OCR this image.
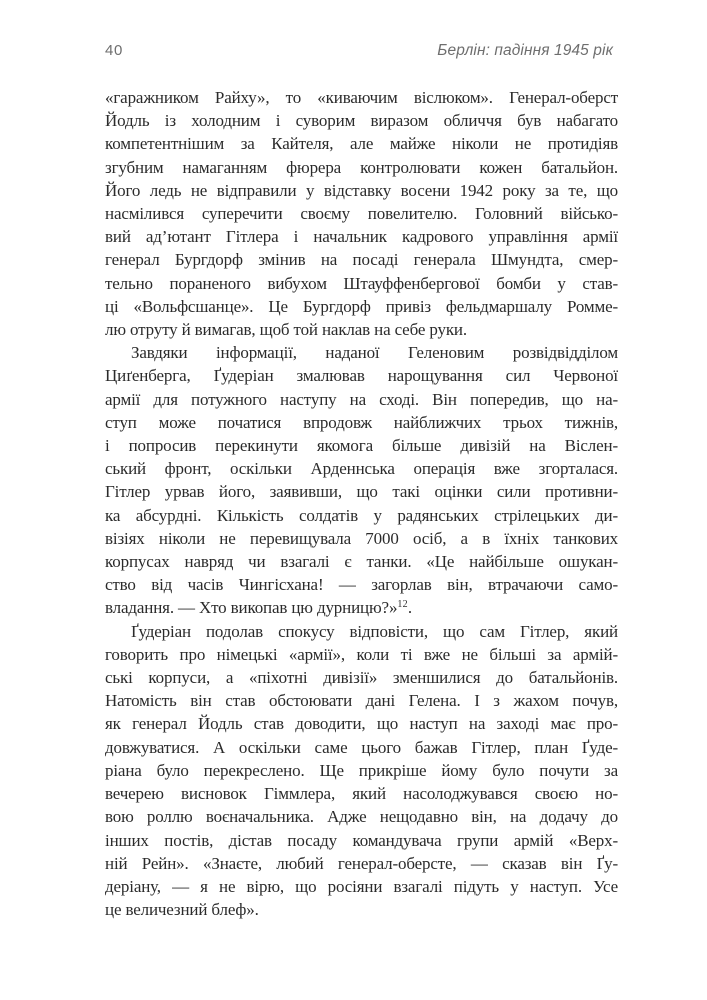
40	Берлін: падіння 1945 рік
«гаражником Райху», то «киваючим віслюком». Генерал-оберст
Йодль із холодним і суворим виразом обличчя був набагато
компетентнішим за Кайтеля, але майже ніколи не протидіяв
згубним намаганням фюрера контролювати кожен батальйон.
Його ледь не відправили у відставку восени 1942 року за те, що
насмілився суперечити своєму повелителю. Головний військо-
вий ад’ютант Гітлера і начальник кадрового управління армії
генерал Бургдорф змінив на посаді генерала Шмундта, смер-
тельно пораненого вибухом Штауффенбергової бомби у став-
ці «Вольфсшанце». Це Бургдорф привіз фельдмаршалу Ромме-
лю отруту й вимагав, щоб той наклав на себе руки.
Завдяки інформації, наданої Геленовим розвідвідділом
Циґенберга, Ґудеріан змалював нарощування сил Червоної
армії для потужного наступу на сході. Він попередив, що на-
ступ може початися впродовж найближчих трьох тижнів,
і попросив перекинути якомога більше дивізій на Віслен-
ський фронт, оскільки Арденнська операція вже згорталася.
Гітлер урвав його, заявивши, що такі оцінки сили противни-
ка абсурдні. Кількість солдатів у радянських стрілецьких ди-
візіях ніколи не перевищувала 7000 осіб, а в їхніх танкових
корпусах навряд чи взагалі є танки. «Це найбільше ошукан-
ство від часів Чингісхана! — загорлав він, втрачаючи само-
владання. — Хто викопав цю дурницю?»$^{12}$.
Ґудеріан подолав спокусу відповісти, що сам Гітлер, який
говорить про німецькі «армії», коли ті вже не більші за армій-
ські корпуси, а «піхотні дивізії» зменшилися до батальйонів.
Натомість він став обстоювати дані Гелена. І з жахом почув,
як генерал Йодль став доводити, що наступ на заході має про-
довжуватися. А оскільки саме цього бажав Гітлер, план Ґуде-
ріана було перекреслено. Ще прикріше йому було почути за
вечерею висновок Гіммлера, який насолоджувався своєю но-
вою роллю воєначальника. Адже нещодавно він, на додачу до
інших постів, дістав посаду командувача групи армій «Верх-
ній Рейн». «Знаєте, любий генерал-оберсте, — сказав він Ґу-
деріану, — я не вірю, що росіяни взагалі підуть у наступ. Усе
це величезний блеф».
